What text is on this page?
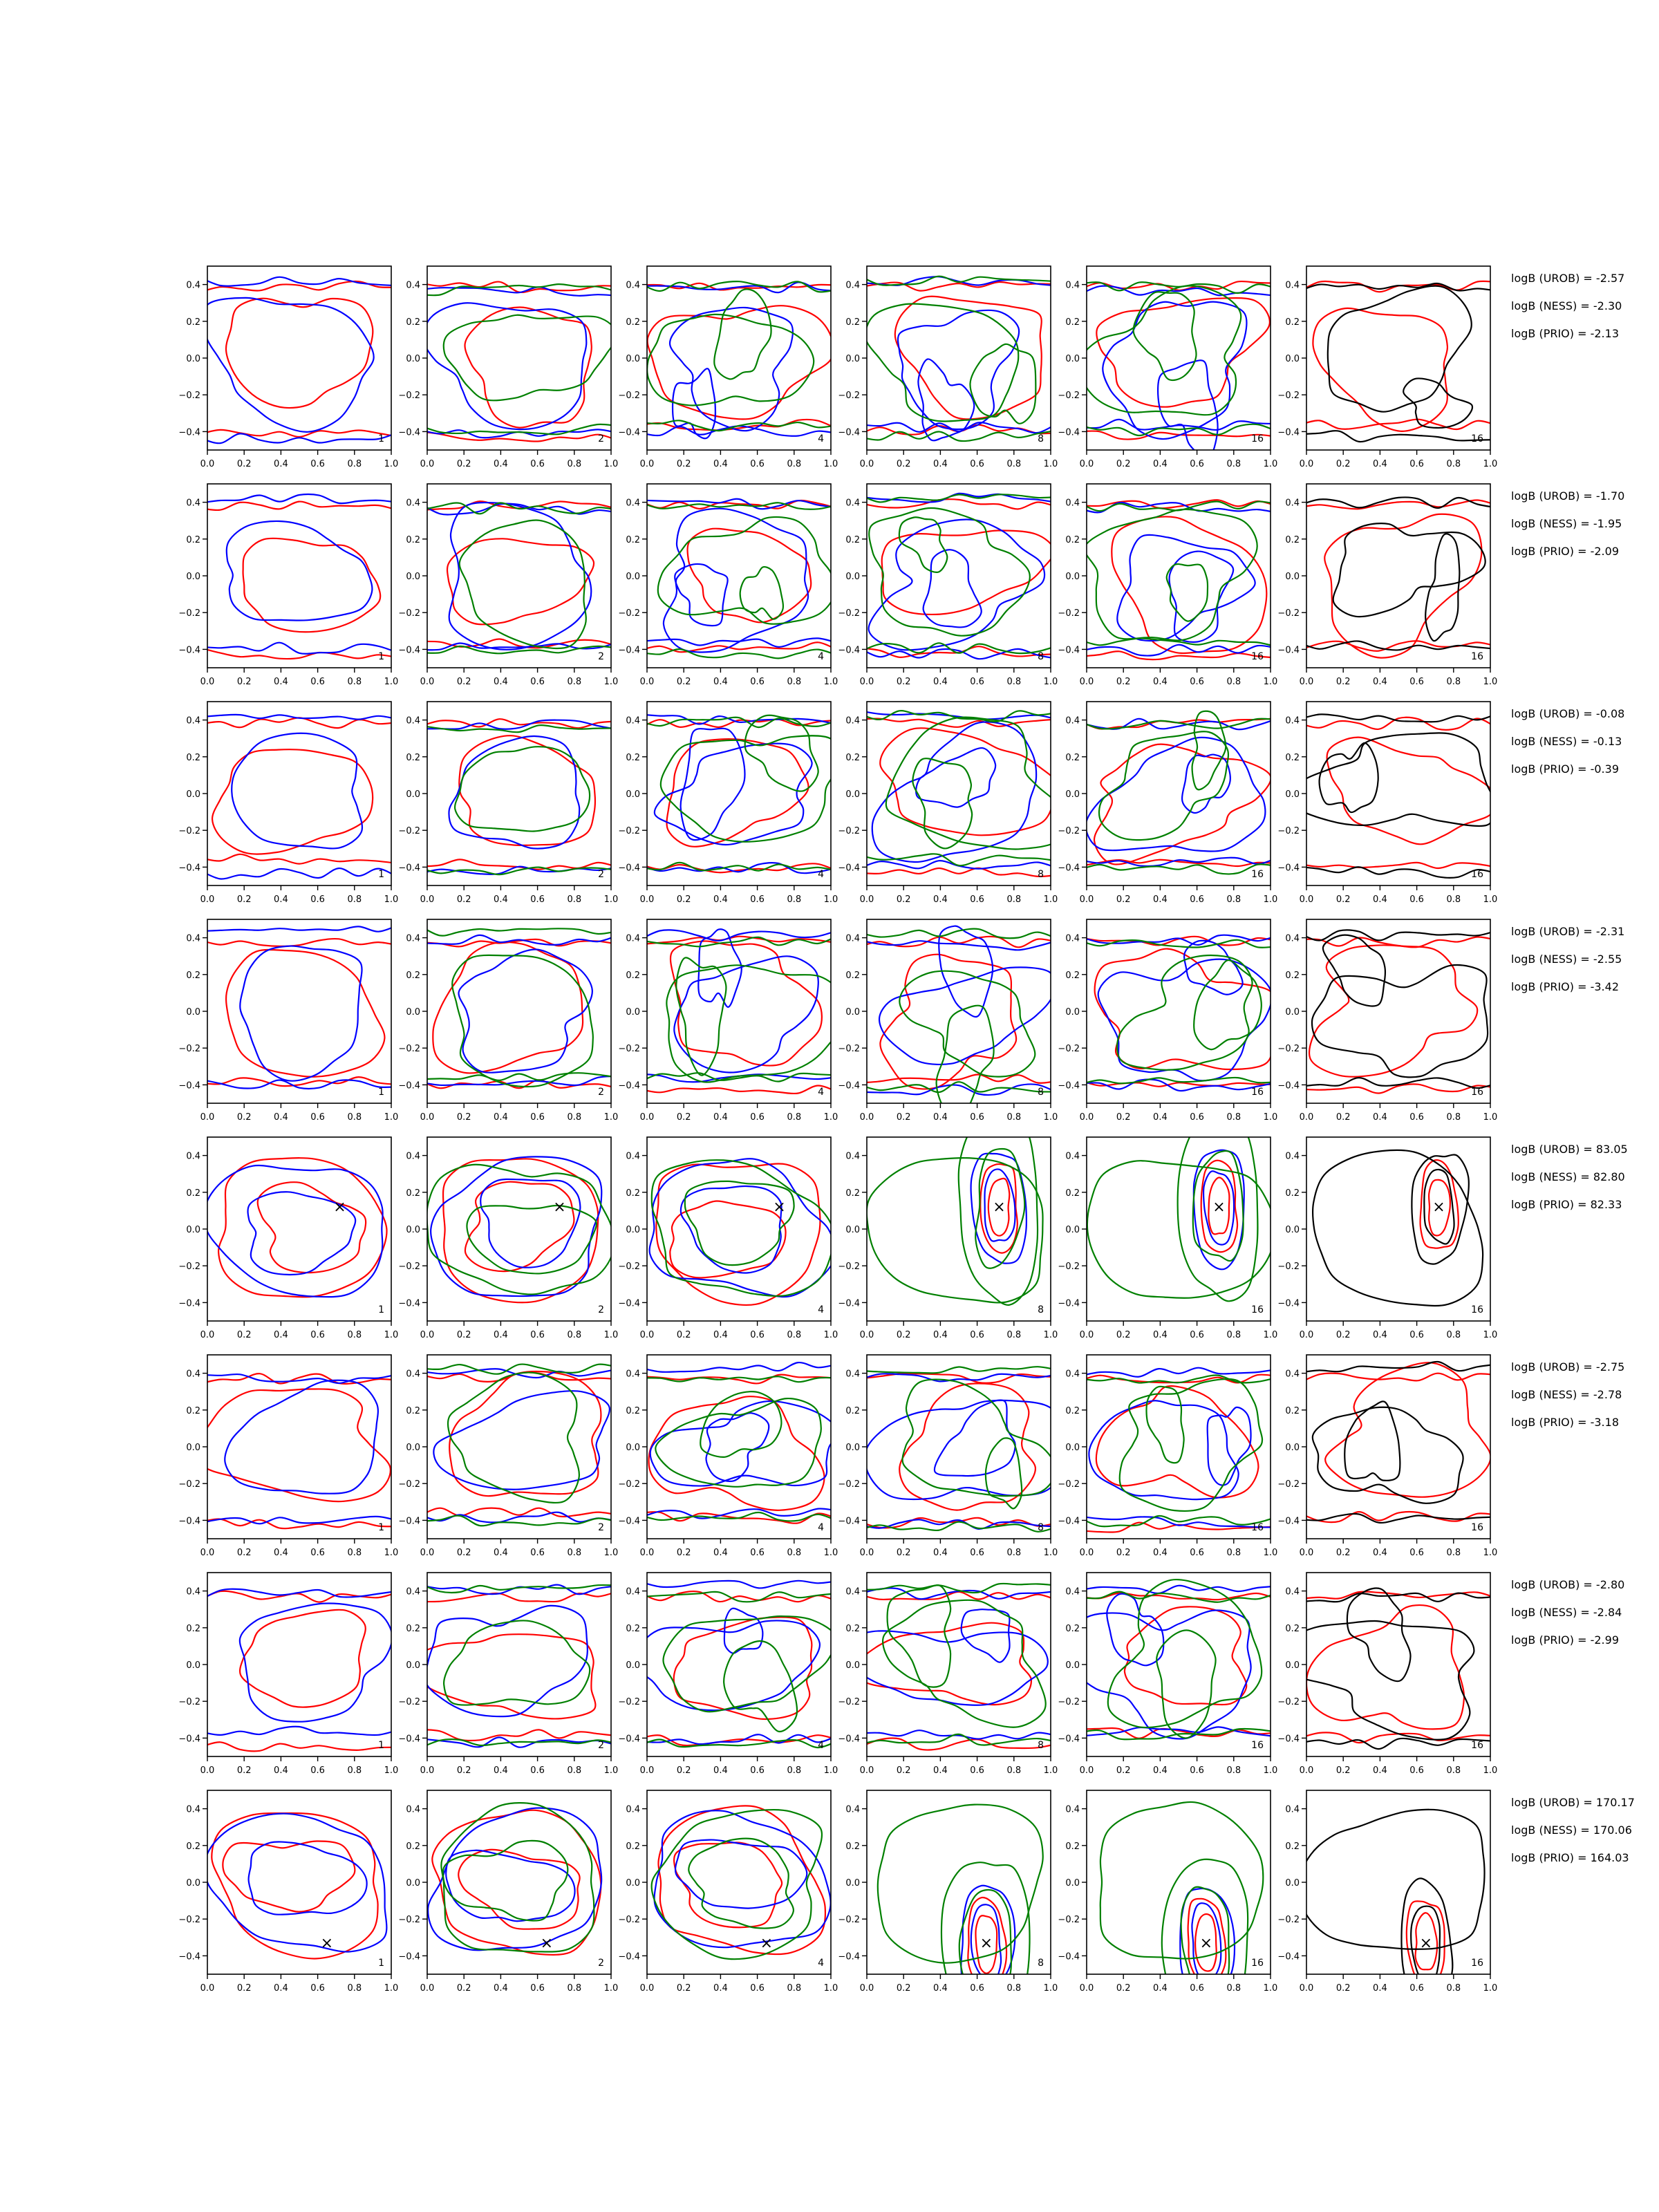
0.0	0.2	0.4	0.6	0.8	1.0
0.4
0.2
0.0
−0.2
−0.4
1
0.0	0.2	0.4	0.6	0.8	1.0
0.4
0.2
0.0
−0.2
−0.4
2
0.0	0.2	0.4	0.6	0.8	1.0
0.4
0.2
0.0
−0.2
−0.4
4
0.0	0.2	0.4	0.6	0.8	1.0
0.4
0.2
0.0
−0.2
−0.4
8
0.0	0.2	0.4	0.6	0.8	1.0
0.4
0.2
0.0
−0.2
−0.4
16
0.0	0.2	0.4	0.6	0.8	1.0
0.4
0.2
0.0
−0.2
−0.4
16
logB (UROB) = -2.57
logB (NESS) = -2.30
logB (PRIO) = -2.13
0.0	0.2	0.4	0.6	0.8	1.0
0.4
0.2
0.0
−0.2
−0.4
1
0.0	0.2	0.4	0.6	0.8	1.0
0.4
0.2
0.0
−0.2
−0.4
2
0.0	0.2	0.4	0.6	0.8	1.0
0.4
0.2
0.0
−0.2
−0.4
4
0.0	0.2	0.4	0.6	0.8	1.0
0.4
0.2
0.0
−0.2
−0.4
8
0.0	0.2	0.4	0.6	0.8	1.0
0.4
0.2
0.0
−0.2
−0.4
16
0.0	0.2	0.4	0.6	0.8	1.0
0.4
0.2
0.0
−0.2
−0.4
16
logB (UROB) = -1.70
logB (NESS) = -1.95
logB (PRIO) = -2.09
0.0	0.2	0.4	0.6	0.8	1.0
0.4
0.2
0.0
−0.2
−0.4
1
0.0	0.2	0.4	0.6	0.8	1.0
0.4
0.2
0.0
−0.2
−0.4
2
0.0	0.2	0.4	0.6	0.8	1.0
0.4
0.2
0.0
−0.2
−0.4
4
0.0	0.2	0.4	0.6	0.8	1.0
0.4
0.2
0.0
−0.2
−0.4
8
0.0	0.2	0.4	0.6	0.8	1.0
0.4
0.2
0.0
−0.2
−0.4
16
0.0	0.2	0.4	0.6	0.8	1.0
0.4
0.2
0.0
−0.2
−0.4
16
logB (UROB) = -0.08
logB (NESS) = -0.13
logB (PRIO) = -0.39
0.0	0.2	0.4	0.6	0.8	1.0
0.4
0.2
0.0
−0.2
−0.4
1
0.0	0.2	0.4	0.6	0.8	1.0
0.4
0.2
0.0
−0.2
−0.4
2
0.0	0.2	0.4	0.6	0.8	1.0
0.4
0.2
0.0
−0.2
−0.4
4
0.0	0.2	0.4	0.6	0.8	1.0
0.4
0.2
0.0
−0.2
−0.4
8
0.0	0.2	0.4	0.6	0.8	1.0
0.4
0.2
0.0
−0.2
−0.4
16
0.0	0.2	0.4	0.6	0.8	1.0
0.4
0.2
0.0
−0.2
−0.4
16
logB (UROB) = -2.31
logB (NESS) = -2.55
logB (PRIO) = -3.42
×
0.0	0.2	0.4	0.6	0.8	1.0
0.4
0.2
0.0
−0.2
−0.4
1
×
0.0	0.2	0.4	0.6	0.8	1.0
0.4
0.2
0.0
−0.2
−0.4
2
×
0.0	0.2	0.4	0.6	0.8	1.0
0.4
0.2
0.0
−0.2
−0.4
4
×
0.0	0.2	0.4	0.6	0.8	1.0
0.4
0.2
0.0
−0.2
−0.4
8
×
0.0	0.2	0.4	0.6	0.8	1.0
0.4
0.2
0.0
−0.2
−0.4
16
×
0.0	0.2	0.4	0.6	0.8	1.0
0.4
0.2
0.0
−0.2
−0.4
16
logB (UROB) = 83.05
logB (NESS) = 82.80
logB (PRIO) = 82.33
0.0	0.2	0.4	0.6	0.8	1.0
0.4
0.2
0.0
−0.2
−0.4
1
0.0	0.2	0.4	0.6	0.8	1.0
0.4
0.2
0.0
−0.2
−0.4
2
0.0	0.2	0.4	0.6	0.8	1.0
0.4
0.2
0.0
−0.2
−0.4
4
0.0	0.2	0.4	0.6	0.8	1.0
0.4
0.2
0.0
−0.2
−0.4
8
0.0	0.2	0.4	0.6	0.8	1.0
0.4
0.2
0.0
−0.2
−0.4
16
0.0	0.2	0.4	0.6	0.8	1.0
0.4
0.2
0.0
−0.2
−0.4
16
logB (UROB) = -2.75
logB (NESS) = -2.78
logB (PRIO) = -3.18
0.0	0.2	0.4	0.6	0.8	1.0
0.4
0.2
0.0
−0.2
−0.4
1
0.0	0.2	0.4	0.6	0.8	1.0
0.4
0.2
0.0
−0.2
−0.4
2
0.0	0.2	0.4	0.6	0.8	1.0
0.4
0.2
0.0
−0.2
−0.4
4
0.0	0.2	0.4	0.6	0.8	1.0
0.4
0.2
0.0
−0.2
−0.4
8
0.0	0.2	0.4	0.6	0.8	1.0
0.4
0.2
0.0
−0.2
−0.4
16
0.0	0.2	0.4	0.6	0.8	1.0
0.4
0.2
0.0
−0.2
−0.4
16
logB (UROB) = -2.80
logB (NESS) = -2.84
logB (PRIO) = -2.99
×
0.0	0.2	0.4	0.6	0.8	1.0
0.4
0.2
0.0
−0.2
−0.4
1
×
0.0	0.2	0.4	0.6	0.8	1.0
0.4
0.2
0.0
−0.2
−0.4
2
×
0.0	0.2	0.4	0.6	0.8	1.0
0.4
0.2
0.0
−0.2
−0.4
4
×
0.0	0.2	0.4	0.6	0.8	1.0
0.4
0.2
0.0
−0.2
−0.4
8
×
0.0	0.2	0.4	0.6	0.8	1.0
0.4
0.2
0.0
−0.2
−0.4
16
×
0.0	0.2	0.4	0.6	0.8	1.0
0.4
0.2
0.0
−0.2
−0.4
16
logB (UROB) = 170.17
logB (NESS) = 170.06
logB (PRIO) = 164.03
